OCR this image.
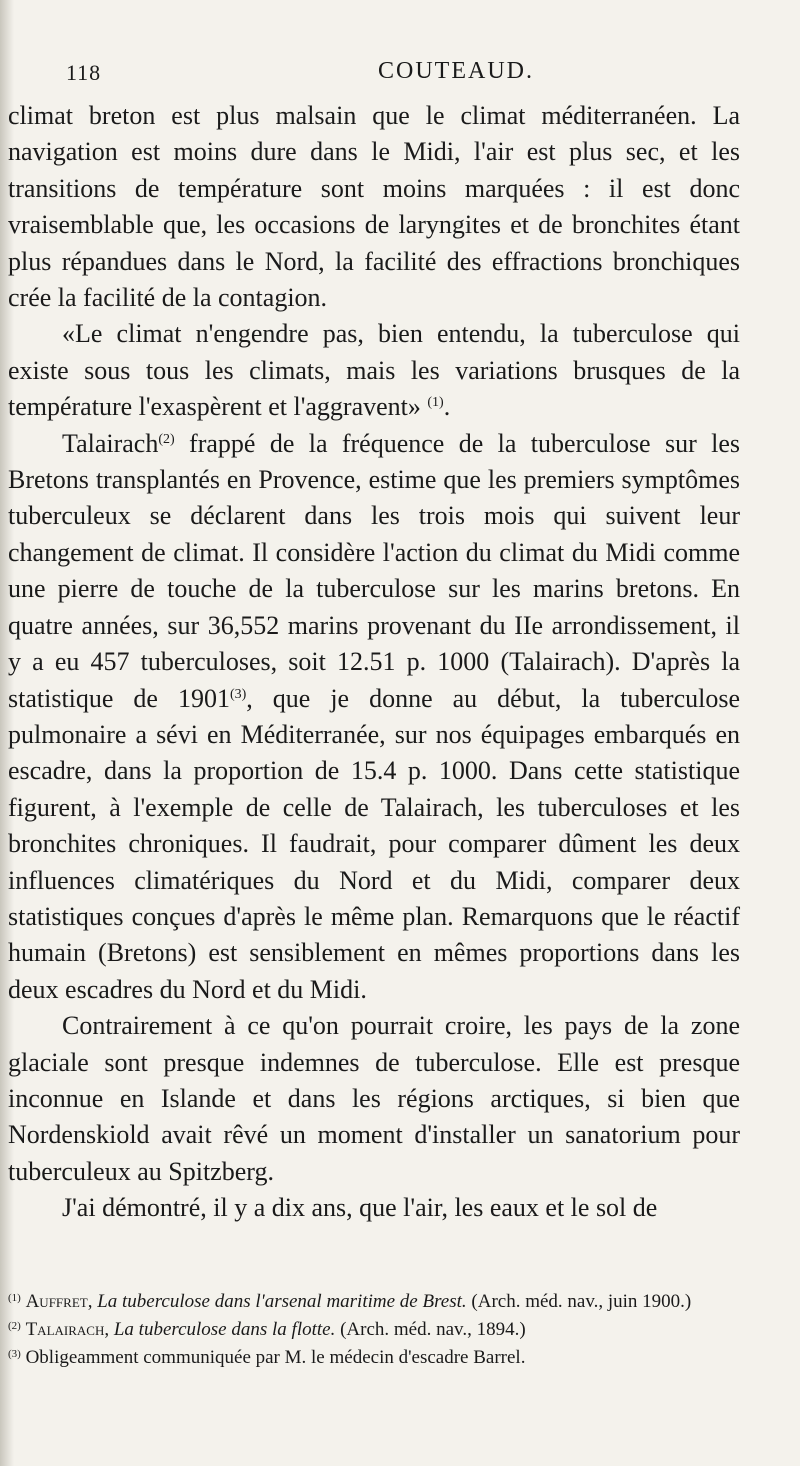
118	COUTEAUD.

climat breton est plus malsain que le climat méditerranéen. La navigation est moins dure dans le Midi, l'air est plus sec, et les transitions de température sont moins marquées : il est donc vraisemblable que, les occasions de laryngites et de bronchites étant plus répandues dans le Nord, la facilité des effractions bronchiques crée la facilité de la contagion.

«Le climat n'engendre pas, bien entendu, la tuberculose qui existe sous tous les climats, mais les variations brusques de la température l'exaspèrent et l'aggravent» $^{(1)}$.

Talairach$^{(2)}$ frappé de la fréquence de la tuberculose sur les Bretons transplantés en Provence, estime que les premiers symptômes tuberculeux se déclarent dans les trois mois qui suivent leur changement de climat. Il considère l'action du climat du Midi comme une pierre de touche de la tuberculose sur les marins bretons. En quatre années, sur 36,552 marins provenant du IIe arrondissement, il y a eu 457 tuberculoses, soit 12.51 p. 1000 (Talairach). D'après la statistique de 1901$^{(3)}$, que je donne au début, la tuberculose pulmonaire a sévi en Méditerranée, sur nos équipages embarqués en escadre, dans la proportion de 15.4 p. 1000. Dans cette statistique figurent, à l'exemple de celle de Talairach, les tuberculoses et les bronchites chroniques. Il faudrait, pour comparer dûment les deux influences climatériques du Nord et du Midi, comparer deux statistiques conçues d'après le même plan. Remarquons que le réactif humain (Bretons) est sensiblement en mêmes proportions dans les deux escadres du Nord et du Midi.

Contrairement à ce qu'on pourrait croire, les pays de la zone glaciale sont presque indemnes de tuberculose. Elle est presque inconnue en Islande et dans les régions arctiques, si bien que Nordenskiold avait rêvé un moment d'installer un sanatorium pour tuberculeux au Spitzberg.

J'ai démontré, il y a dix ans, que l'air, les eaux et le sol de

$^{(1)}$ Auffret, La tuberculose dans l'arsenal maritime de Brest. (Arch. méd. nav., juin 1900.)

$^{(2)}$ Talairach, La tuberculose dans la flotte. (Arch. méd. nav., 1894.)

$^{(3)}$ Obligeamment communiquée par M. le médecin d'escadre Barrel.
